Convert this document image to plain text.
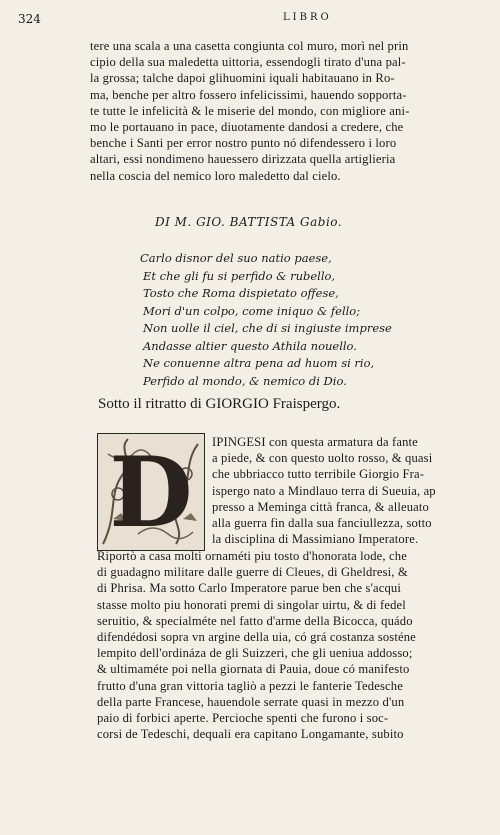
324	LIBRO
tere una scala a una casetta congiunta col muro, morì nel prin
cipio della sua maledetta uittoria, essendogli tirato d'una pal-
la grossa; talche dapoi glihuomini iquali habitauano in Ro-
ma, benche per altro fossero infelicissimi, hauendo sopporta-
te tutte le infelicità & le miserie del mondo, con migliore ani-
mo le portauano in pace, diuotamente dandosi a credere, che
benche i Santi per error nostro punto nó difendessero i loro
altari, essi nondimeno hauessero dirizzata quella artiglieria
nella coscia del nemico loro maledetto dal cielo.
DI M. GIO. BATTISTA Gabio.
Carlo disnor del suo natio paese,
Et che gli fu si perfido & rubello,
Tosto che Roma dispietato offese,
Mori d'un colpo, come iniquo & fello;
Non uolle il ciel, che di si ingiuste imprese
Andasse altier questo Athila nouello.
Ne conuenne altra pena ad huom si rio,
Perfido al mondo, & nemico di Dio.
Sotto il ritratto di GIORGIO Fraispergo.
D	IPINGESI con questa armatura da fante
a piede, & con questo uolto rosso, & quasi
che ubbriacco tutto terribile Giorgio Fra-
ispergo nato a Mindlauo terra di Sueuia, ap
presso a Meminga città franca, & alleuato
alla guerra fin dalla sua fanciullezza, sotto
la disciplina di Massimiano Imperatore.
Riportò a casa molti ornaméti piu tosto d'honorata lode, che
di guadagno militare dalle guerre di Cleues, di Gheldresi, &
di Phrisa. Ma sotto Carlo Imperatore parue ben che s'acqui
stasse molto piu honorati premi di singolar uirtu, & di fedel
seruitio, & specialméte nel fatto d'arme della Bicocca, quádo
difendédosi sopra vn argine della uia, có grá costanza sosténe
lempito dell'ordináza de gli Suizzeri, che gli ueniua addosso;
& ultimaméte poi nella giornata di Pauia, doue có manifesto
frutto d'una gran vittoria tagliò a pezzi le fanterie Tedesche
della parte Francese, hauendole serrate quasi in mezzo d'un
paio di forbici aperte. Percioche spenti che furono i soc-
corsi de Tedeschi, dequali era capitano Longamante, subito
